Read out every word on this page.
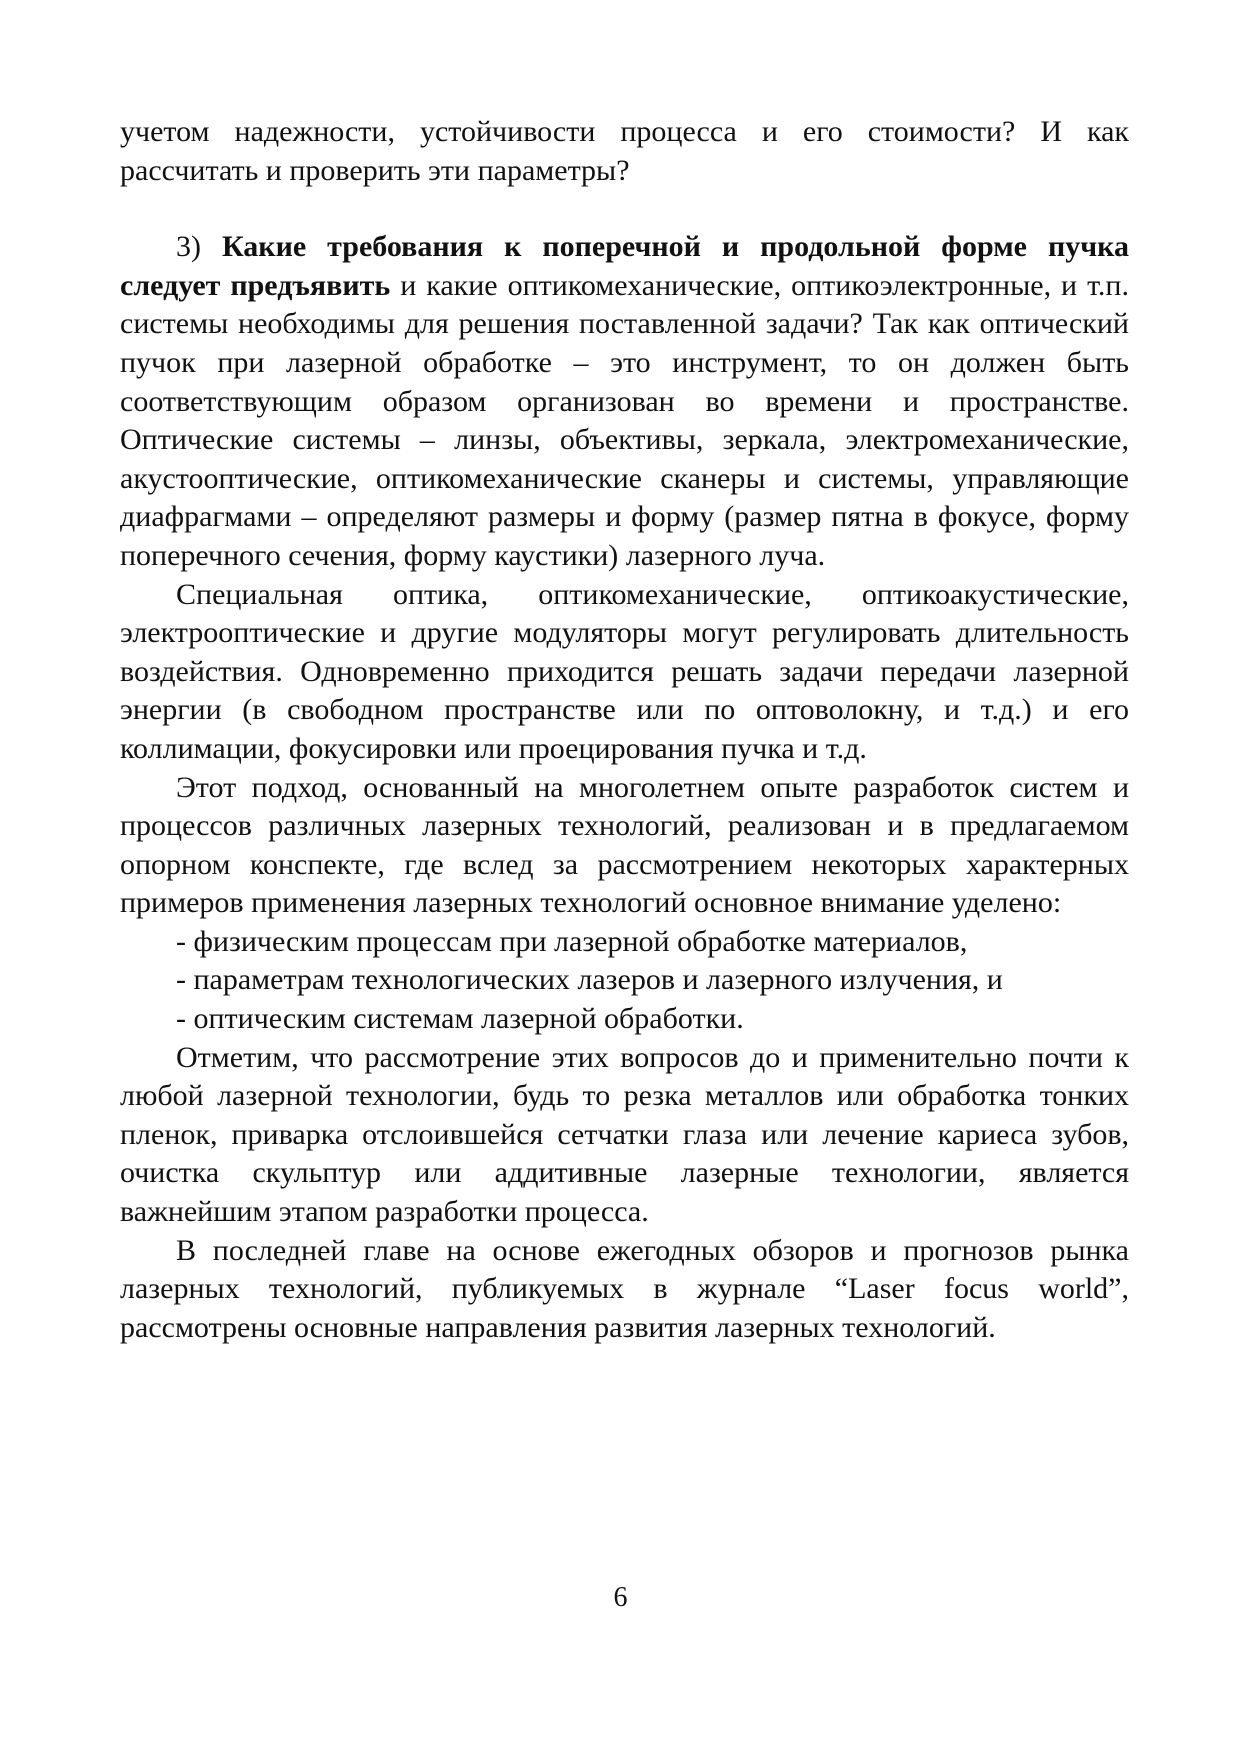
учетом надежности, устойчивости процесса и его стоимости? И как рассчитать и проверить эти параметры?

3) Какие требования к поперечной и продольной форме пучка следует предъявить и какие оптикомеханические, оптикоэлектронные, и т.п. системы необходимы для решения поставленной задачи? Так как оптический пучок при лазерной обработке – это инструмент, то он должен быть соответствующим образом организован во времени и пространстве. Оптические системы – линзы, объективы, зеркала, электромеханические, акустооптические, оптикомеханические сканеры и системы, управляющие диафрагмами – определяют размеры и форму (размер пятна в фокусе, форму поперечного сечения, форму каустики) лазерного луча.

Специальная оптика, оптикомеханические, оптикоакустические, электрооптические и другие модуляторы могут регулировать длительность воздействия. Одновременно приходится решать задачи передачи лазерной энергии (в свободном пространстве или по оптоволокну, и т.д.) и его коллимации, фокусировки или проецирования пучка и т.д.

Этот подход, основанный на многолетнем опыте разработок систем и процессов различных лазерных технологий, реализован и в предлагаемом опорном конспекте, где вслед за рассмотрением некоторых характерных примеров применения лазерных технологий основное внимание уделено:

- физическим процессам при лазерной обработке материалов,

- параметрам технологических лазеров и лазерного излучения, и

- оптическим системам лазерной обработки.

Отметим, что рассмотрение этих вопросов до и применительно почти к любой лазерной технологии, будь то резка металлов или обработка тонких пленок, приварка отслоившейся сетчатки глаза или лечение кариеса зубов, очистка скульптур или аддитивные лазерные технологии, является важнейшим этапом разработки процесса.

В последней главе на основе ежегодных обзоров и прогнозов рынка лазерных технологий, публикуемых в журнале “Laser focus world”, рассмотрены основные направления развития лазерных технологий.

6
